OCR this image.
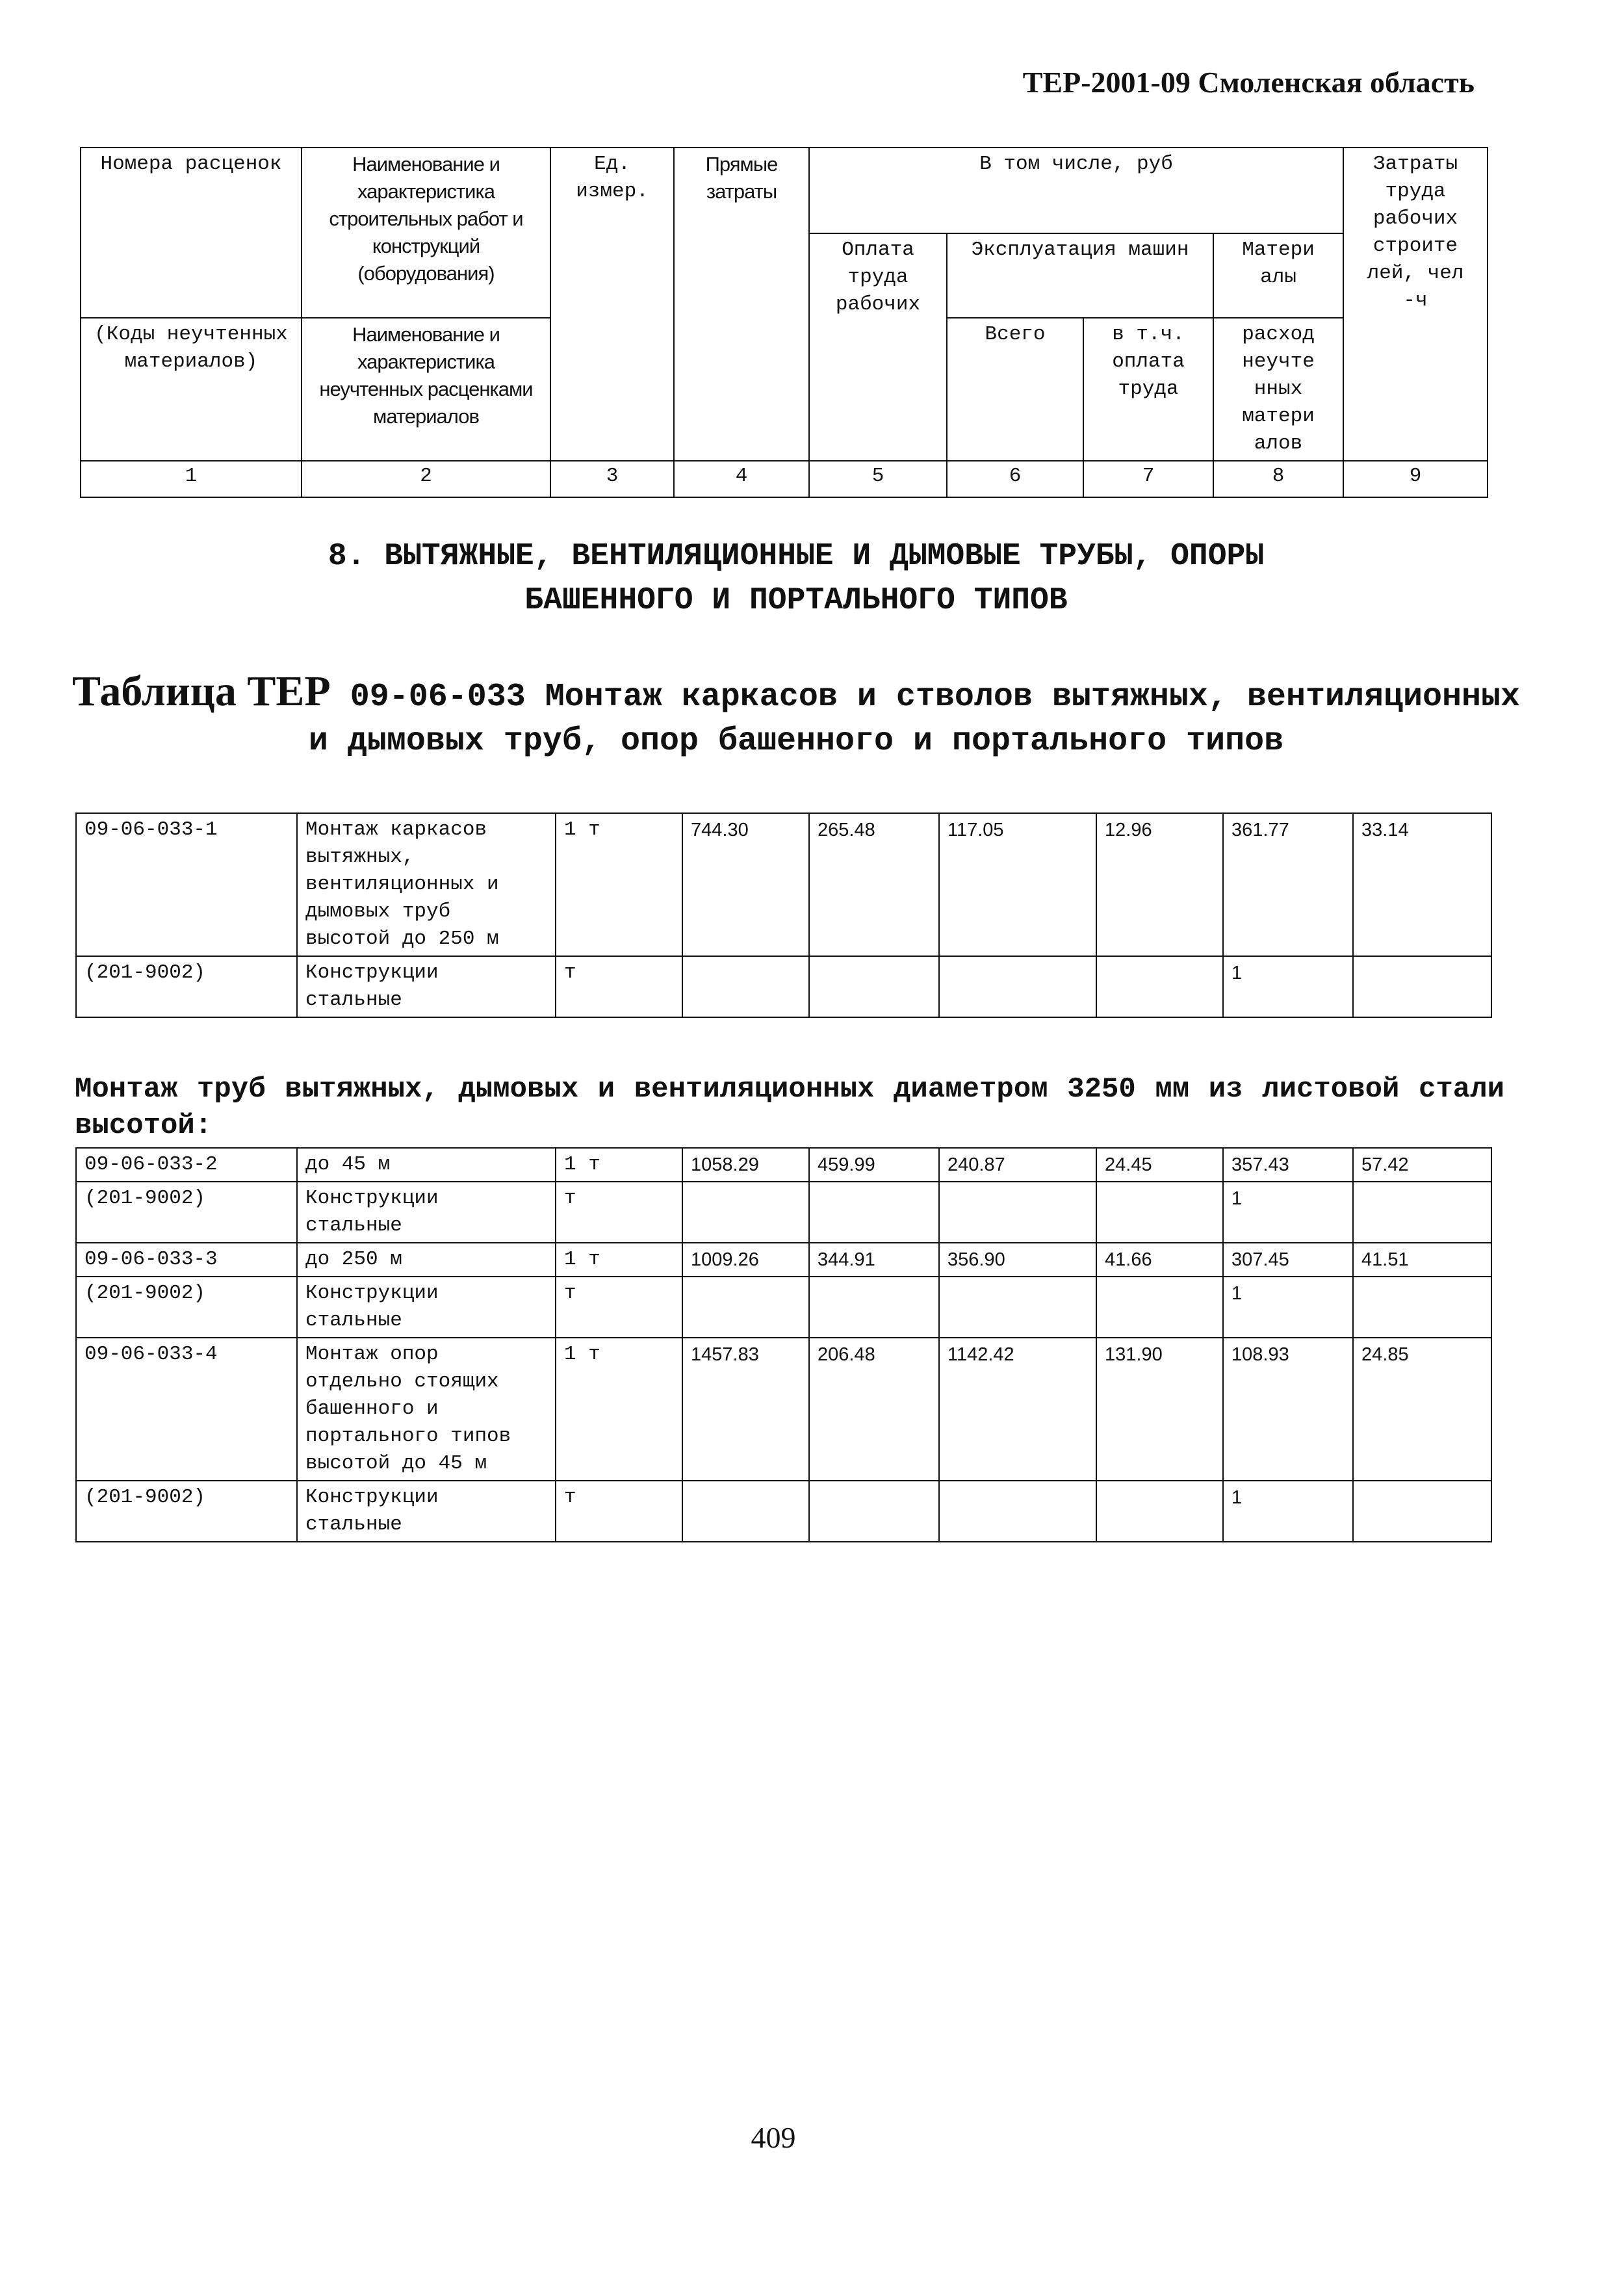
ТЕР-2001-09 Смоленская область
Номера расценок	Наименование и характеристика строительных работ и конструкций (оборудования)	Ед. измер.	Прямые затраты	В том числе, руб				Затраты труда рабочих строите лей, чел -ч
				Оплата труда рабочих	Эксплуатация машин		Матери алы	

(Коды неучтенных материалов)	Наименование и характеристика неучтенных расценками материалов				Всего	в т.ч. оплата труда	расход неучте нных матери алов	

1	2	3	4	5	6	7	8	9
8. ВЫТЯЖНЫЕ, ВЕНТИЛЯЦИОННЫЕ И ДЫМОВЫЕ ТРУБЫ, ОПОРЫ
БАШЕННОГО И ПОРТАЛЬНОГО ТИПОВ
Таблица ТЕР 09-06-033 Монтаж каркасов и стволов вытяжных, вентиляционных и дымовых труб, опор башенного и портального типов
09-06-033-1	Монтаж каркасов вытяжных, вентиляционных и дымовых труб высотой до 250 м	1 т	744.30	265.48	117.05	12.96	361.77	33.14
(201-9002)	Конструкции стальные	т					1	
Монтаж труб вытяжных, дымовых и вентиляционных диаметром 3250 мм из листовой стали высотой:
09-06-033-2	до 45 м	1 т	1058.29	459.99	240.87	24.45	357.43	57.42
(201-9002)	Конструкции стальные	т					1	
09-06-033-3	до 250 м	1 т	1009.26	344.91	356.90	41.66	307.45	41.51
(201-9002)	Конструкции стальные	т					1	
09-06-033-4	Монтаж опор отдельно стоящих башенного и портального типов высотой до 45 м	1 т	1457.83	206.48	1142.42	131.90	108.93	24.85
(201-9002)	Конструкции стальные	т					1	
409
